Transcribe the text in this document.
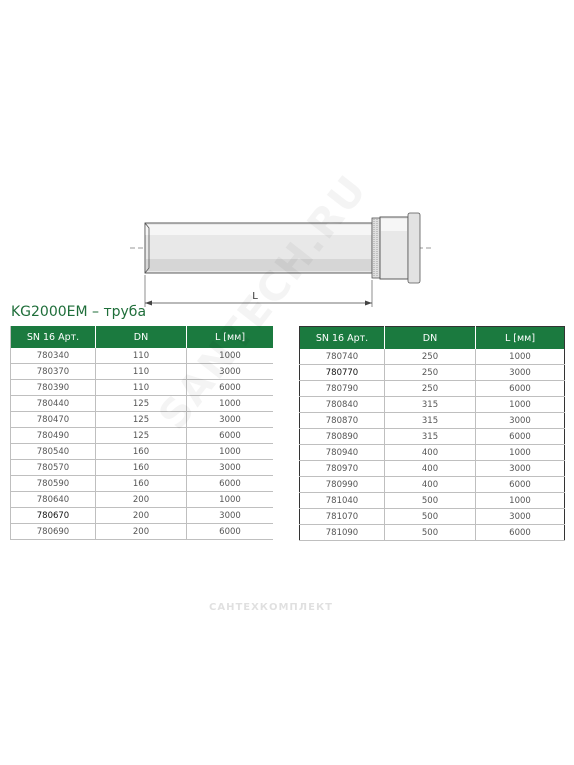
L
KG2000EM – труба
SN 16 Арт.	DN	L [мм]
780340	110	1000
780370	110	3000
780390	110	6000
780440	125	1000
780470	125	3000
780490	125	6000
780540	160	1000
780570	160	3000
780590	160	6000
780640	200	1000
780670	200	3000
780690	200	6000
SN 16 Арт.	DN	L [мм]
780740	250	1000
780770	250	3000
780790	250	6000
780840	315	1000
780870	315	3000
780890	315	6000
780940	400	1000
780970	400	3000
780990	400	6000
781040	500	1000
781070	500	3000
781090	500	6000
САНТЕХКОМПЛЕКТ
